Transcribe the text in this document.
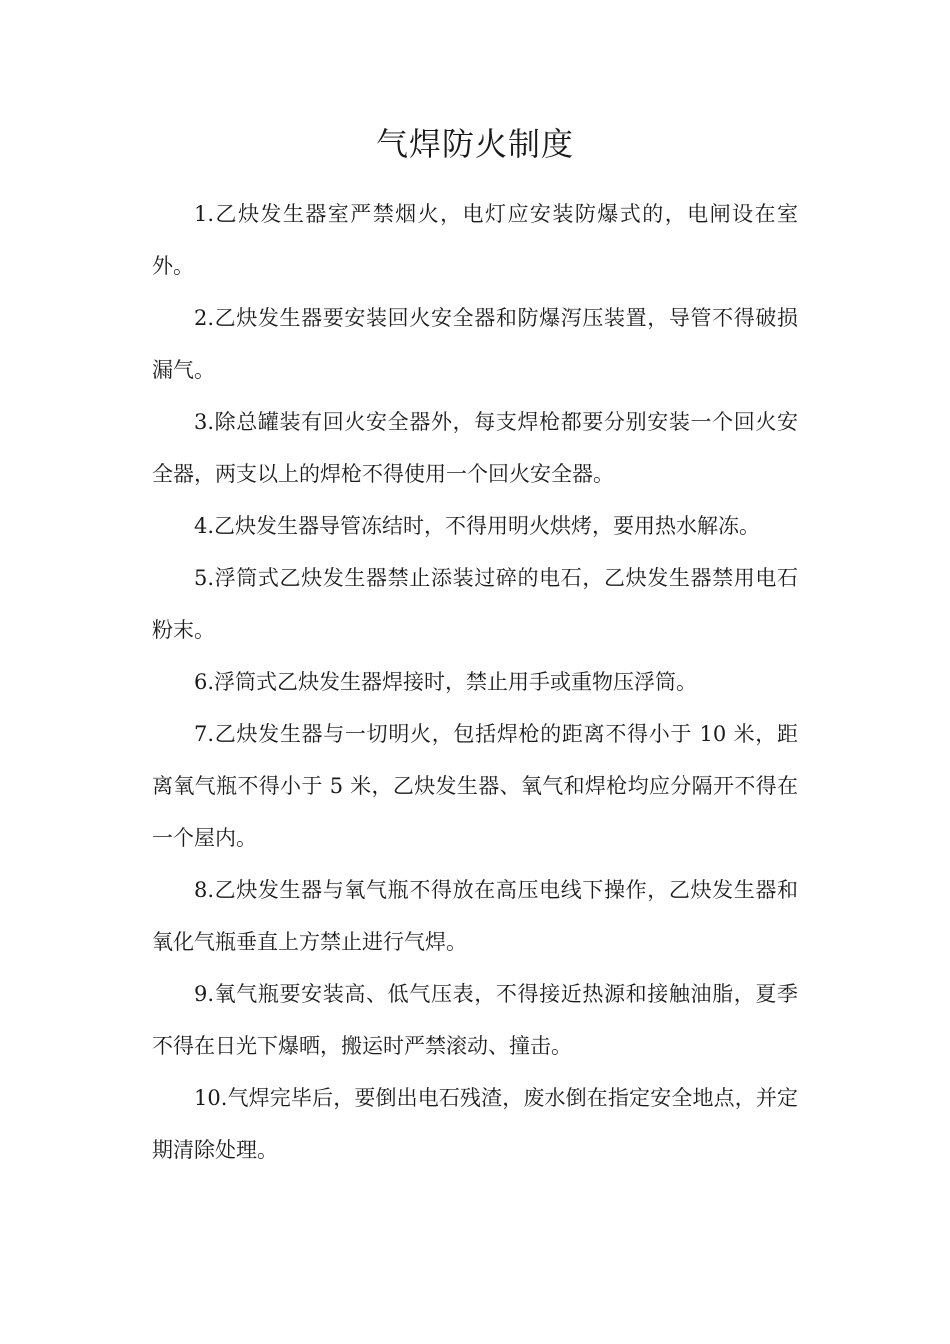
气焊防火制度

1.乙炔发生器室严禁烟火，电灯应安装防爆式的，电闸设在室外。

2.乙炔发生器要安装回火安全器和防爆泻压装置，导管不得破损漏气。

3.除总罐装有回火安全器外，每支焊枪都要分别安装一个回火安全器，两支以上的焊枪不得使用一个回火安全器。

4.乙炔发生器导管冻结时，不得用明火烘烤，要用热水解冻。

5.浮筒式乙炔发生器禁止添装过碎的电石，乙炔发生器禁用电石粉末。

6.浮筒式乙炔发生器焊接时，禁止用手或重物压浮筒。

7.乙炔发生器与一切明火，包括焊枪的距离不得小于 10 米，距离氧气瓶不得小于 5 米，乙炔发生器、氧气和焊枪均应分隔开不得在一个屋内。

8.乙炔发生器与氧气瓶不得放在高压电线下操作，乙炔发生器和氧化气瓶垂直上方禁止进行气焊。

9.氧气瓶要安装高、低气压表，不得接近热源和接触油脂，夏季不得在日光下爆晒，搬运时严禁滚动、撞击。

10.气焊完毕后，要倒出电石残渣，废水倒在指定安全地点，并定期清除处理。
